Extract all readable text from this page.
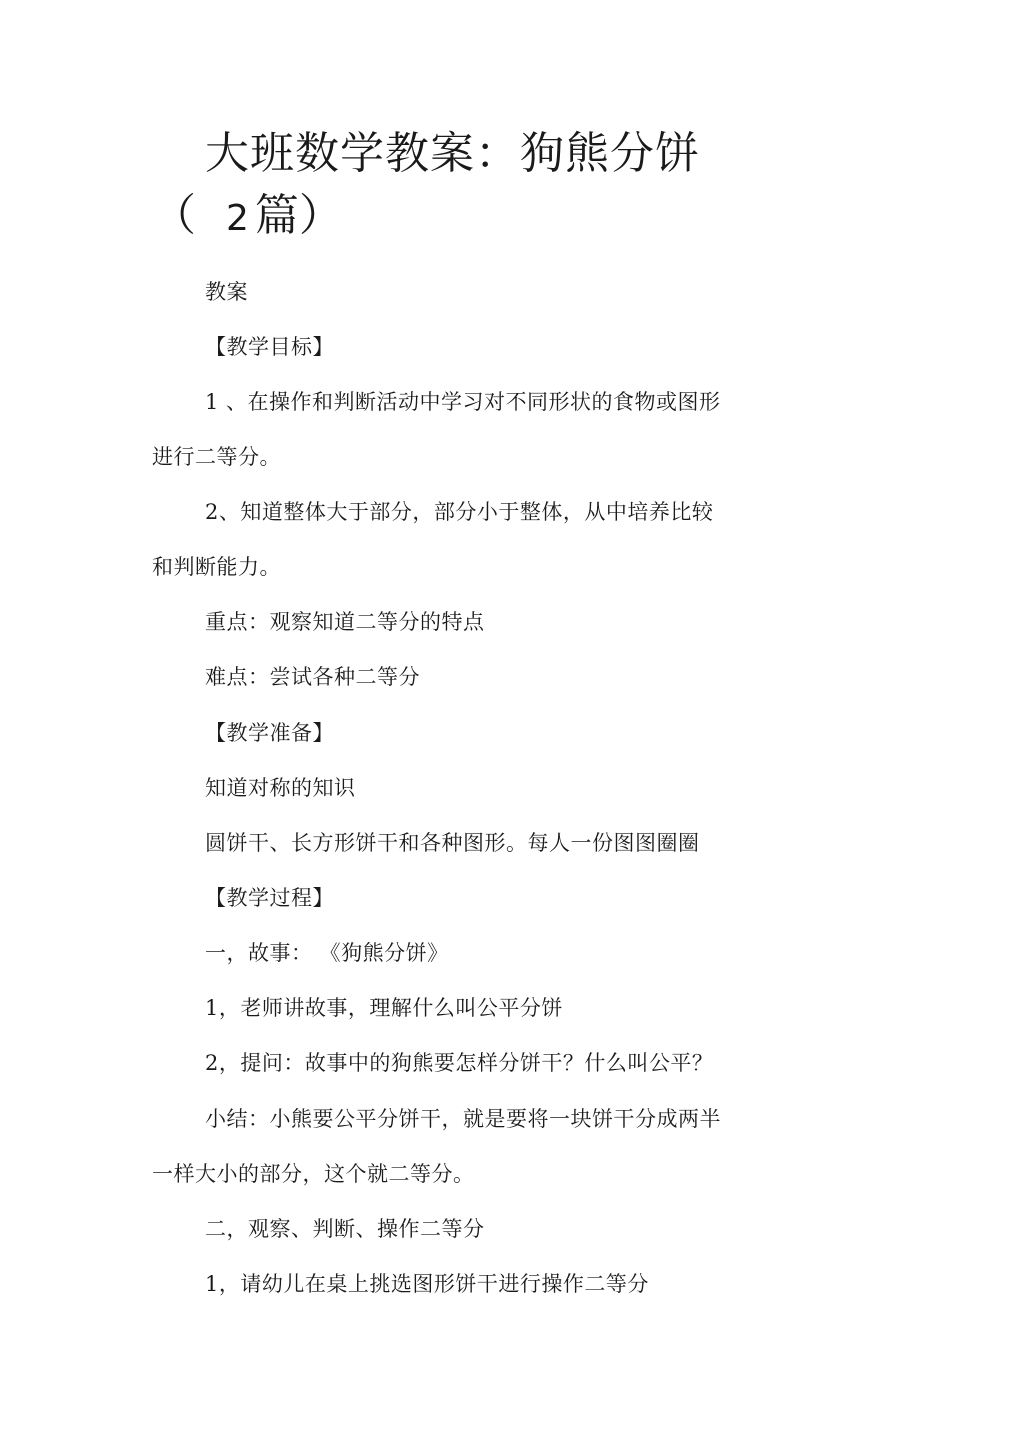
大班数学教案：狗熊分饼
（ 2 篇）
教案
【教学目标】
1 、在操作和判断活动中学习对不同形状的食物或图形
进行二等分。
2、知道整体大于部分，部分小于整体，从中培养比较
和判断能力。
重点：观察知道二等分的特点
难点：尝试各种二等分
【教学准备】
知道对称的知识
圆饼干、长方形饼干和各种图形。每人一份图图圈圈
【教学过程】
一，故事： 《狗熊分饼》
1，老师讲故事，理解什么叫公平分饼
2，提问：故事中的狗熊要怎样分饼干？什么叫公平？
小结：小熊要公平分饼干，就是要将一块饼干分成两半
一样大小的部分，这个就二等分。
二，观察、判断、操作二等分
1，请幼儿在桌上挑选图形饼干进行操作二等分
